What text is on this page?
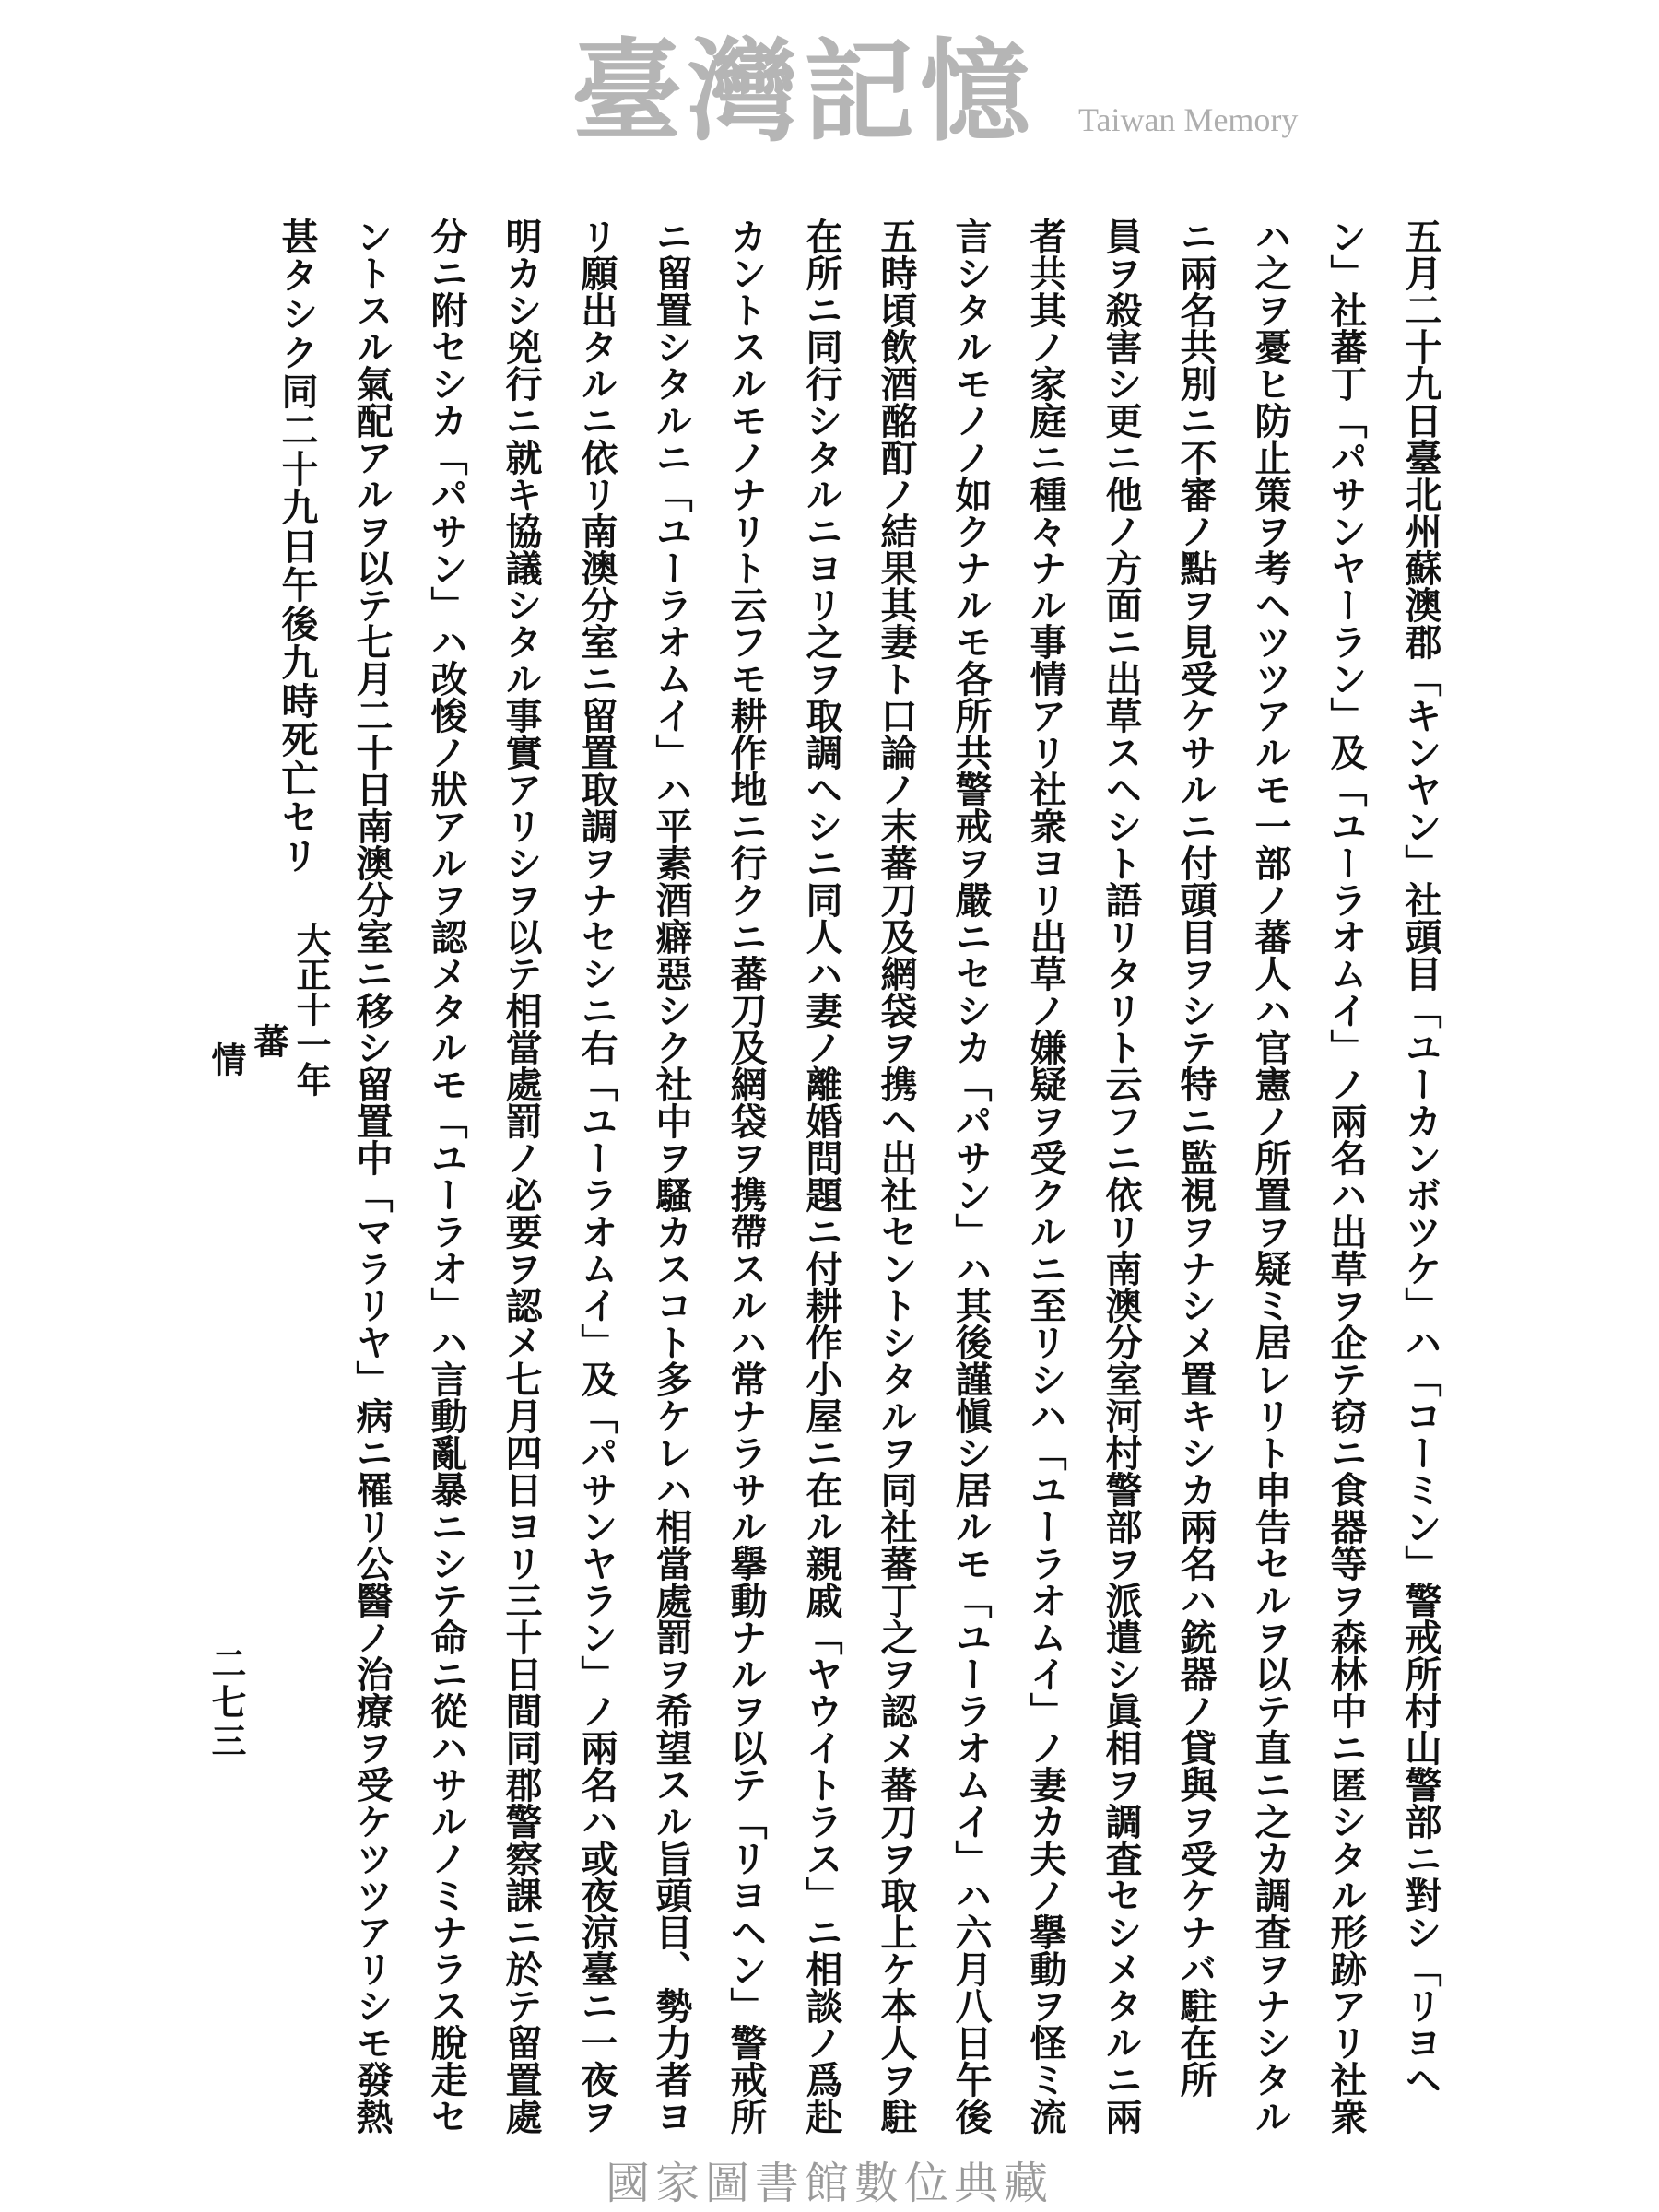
五月二十九日臺北州蘇澳郡「キンヤン」社頭目「ユーカンボツケ」ハ「コーミン」警戒所村山警部ニ對シ「リヨヘ
ン」社蕃丁「パサンヤーラン」及「ユーラオムイ」ノ兩名ハ出草ヲ企テ窃ニ食器等ヲ森林中ニ匿シタル形跡アリ社衆
ハ之ヲ憂ヒ防止策ヲ考ヘツツアルモ一部ノ蕃人ハ官憲ノ所置ヲ疑ミ居レリト申告セルヲ以テ直ニ之カ調査ヲナシタル
ニ兩名共別ニ不審ノ點ヲ見受ケサルニ付頭目ヲシテ特ニ監視ヲナシメ置キシカ兩名ハ銃器ノ貸與ヲ受ケナバ駐在所
員ヲ殺害シ更ニ他ノ方面ニ出草スヘシト語リタリト云フニ依リ南澳分室河村警部ヲ派遣シ眞相ヲ調査セシメタルニ兩
者共其ノ家庭ニ種々ナル事情アリ社衆ヨリ出草ノ嫌疑ヲ受クルニ至リシハ「ユーラオムイ」ノ妻カ夫ノ擧動ヲ怪ミ流
言シタルモノノ如クナルモ各所共警戒ヲ嚴ニセシカ「パサン」ハ其後謹愼シ居ルモ「ユーラオムイ」ハ六月八日午後
五時頃飲酒酩酊ノ結果其妻ト口論ノ末蕃刀及網袋ヲ携ヘ出社セントシタルヲ同社蕃丁之ヲ認メ蕃刀ヲ取上ケ本人ヲ駐
在所ニ同行シタルニヨリ之ヲ取調ヘシニ同人ハ妻ノ離婚問題ニ付耕作小屋ニ在ル親戚「ヤウイトラス」ニ相談ノ爲赴
カントスルモノナリト云フモ耕作地ニ行クニ蕃刀及網袋ヲ携帶スルハ常ナラサル擧動ナルヲ以テ「リヨヘン」警戒所
ニ留置シタルニ「ユーラオムイ」ハ平素酒癖惡シク社中ヲ騷カスコト多ケレハ相當處罰ヲ希望スル旨頭目、勢力者ヨ
リ願出タルニ依リ南澳分室ニ留置取調ヲナセシニ右「ユーラオムイ」及「パサンヤラン」ノ兩名ハ或夜涼臺ニ一夜ヲ
明カシ兇行ニ就キ協議シタル事實アリシヲ以テ相當處罰ノ必要ヲ認メ七月四日ヨリ三十日間同郡警察課ニ於テ留置處
分ニ附セシカ「パサン」ハ改悛ノ狀アルヲ認メタルモ「ユーラオ」ハ言動亂暴ニシテ命ニ從ハサルノミナラス脫走セ
ントスル氣配アルヲ以テ七月二十日南澳分室ニ移シ留置中「マラリヤ」病ニ罹リ公醫ノ治療ヲ受ケツツアリシモ發熱
甚タシク同二十九日午後九時死亡セリ
大正十一年
蕃
情
二七三
臺灣記憶 Taiwan Memory
國家圖書館數位典藏
